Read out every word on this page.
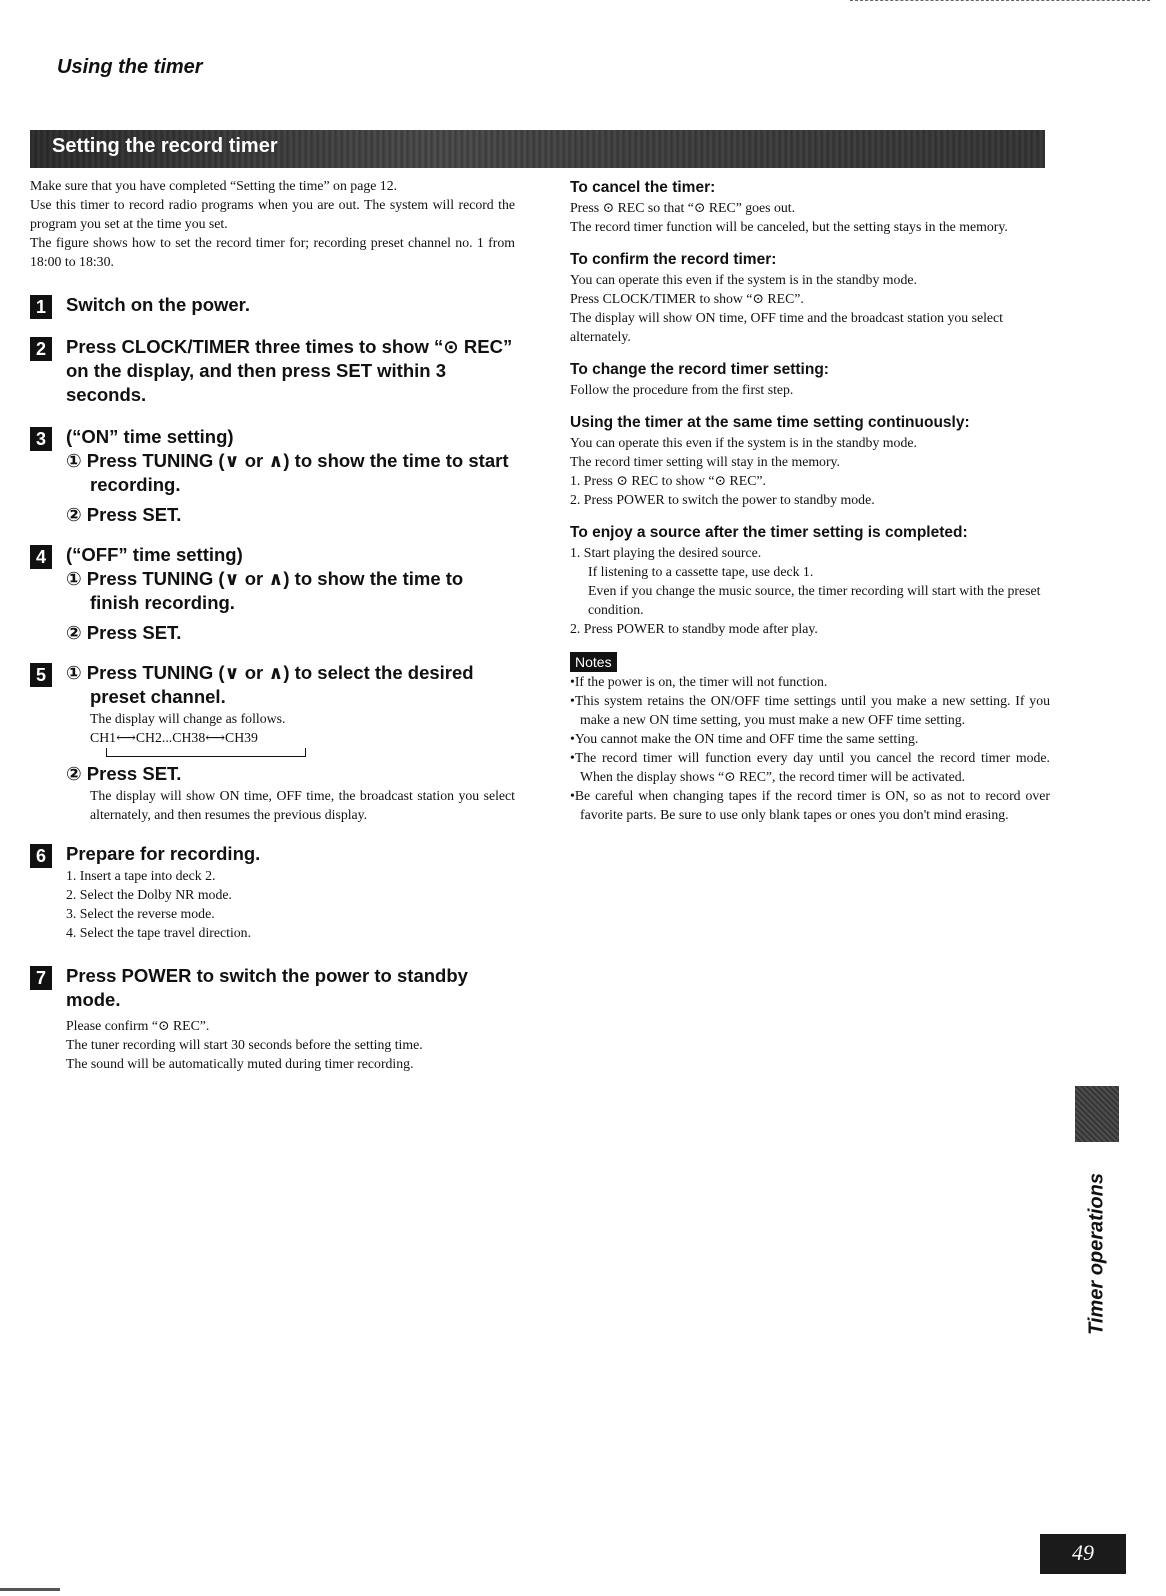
Using the timer
Setting the record timer

Make sure that you have completed “Setting the time” on page 12.

Use this timer to record radio programs when you are out. The system will record the program you set at the time you set.

The figure shows how to set the record timer for; recording preset channel no. 1 from 18:00 to 18:30.

1	Switch on the power.

2	Press CLOCK/TIMER three times to show “⊙ REC” on the display, and then press SET within 3 seconds.

3	(“ON” time setting)

① Press TUNING (∨ or ∧) to show the time to start recording.

② Press SET.

4	(“OFF” time setting)

① Press TUNING (∨ or ∧) to show the time to finish recording.

② Press SET.

5	① Press TUNING (∨ or ∧) to select the desired preset channel.

The display will change as follows.

CH1⟷CH2...CH38⟷CH39

② Press SET.

The display will show ON time, OFF time, the broadcast station you select alternately, and then resumes the previous display.

6	Prepare for recording.

1. Insert a tape into deck 2.
2. Select the Dolby NR mode.
3. Select the reverse mode.
4. Select the tape travel direction.
7	Press POWER to switch the power to standby mode.

Please confirm “⊙ REC”.

The tuner recording will start 30 seconds before the setting time.

The sound will be automatically muted during timer recording.

To cancel the timer:

Press ⊙ REC so that “⊙ REC” goes out.

The record timer function will be canceled, but the setting stays in the memory.

To confirm the record timer:

You can operate this even if the system is in the standby mode.

Press CLOCK/TIMER to show “⊙ REC”.

The display will show ON time, OFF time and the broadcast station you select alternately.

To change the record timer setting:

Follow the procedure from the first step.

Using the timer at the same time setting continuously:

You can operate this even if the system is in the standby mode.

The record timer setting will stay in the memory.

1. Press ⊙ REC to show “⊙ REC”.

2. Press POWER to switch the power to standby mode.

To enjoy a source after the timer setting is completed:

1. Start playing the desired source.

If listening to a cassette tape, use deck 1.

Even if you change the music source, the timer recording will start with the preset condition.

2. Press POWER to standby mode after play.

Notes

•If the power is on, the timer will not function.

•This system retains the ON/OFF time settings until you make a new setting. If you make a new ON time setting, you must make a new OFF time setting.

•You cannot make the ON time and OFF time the same setting.

•The record timer will function every day until you cancel the record timer mode. When the display shows “⊙ REC”, the record timer will be activated.

•Be careful when changing tapes if the record timer is ON, so as not to record over favorite parts. Be sure to use only blank tapes or ones you don't mind erasing.

Timer operations
49
